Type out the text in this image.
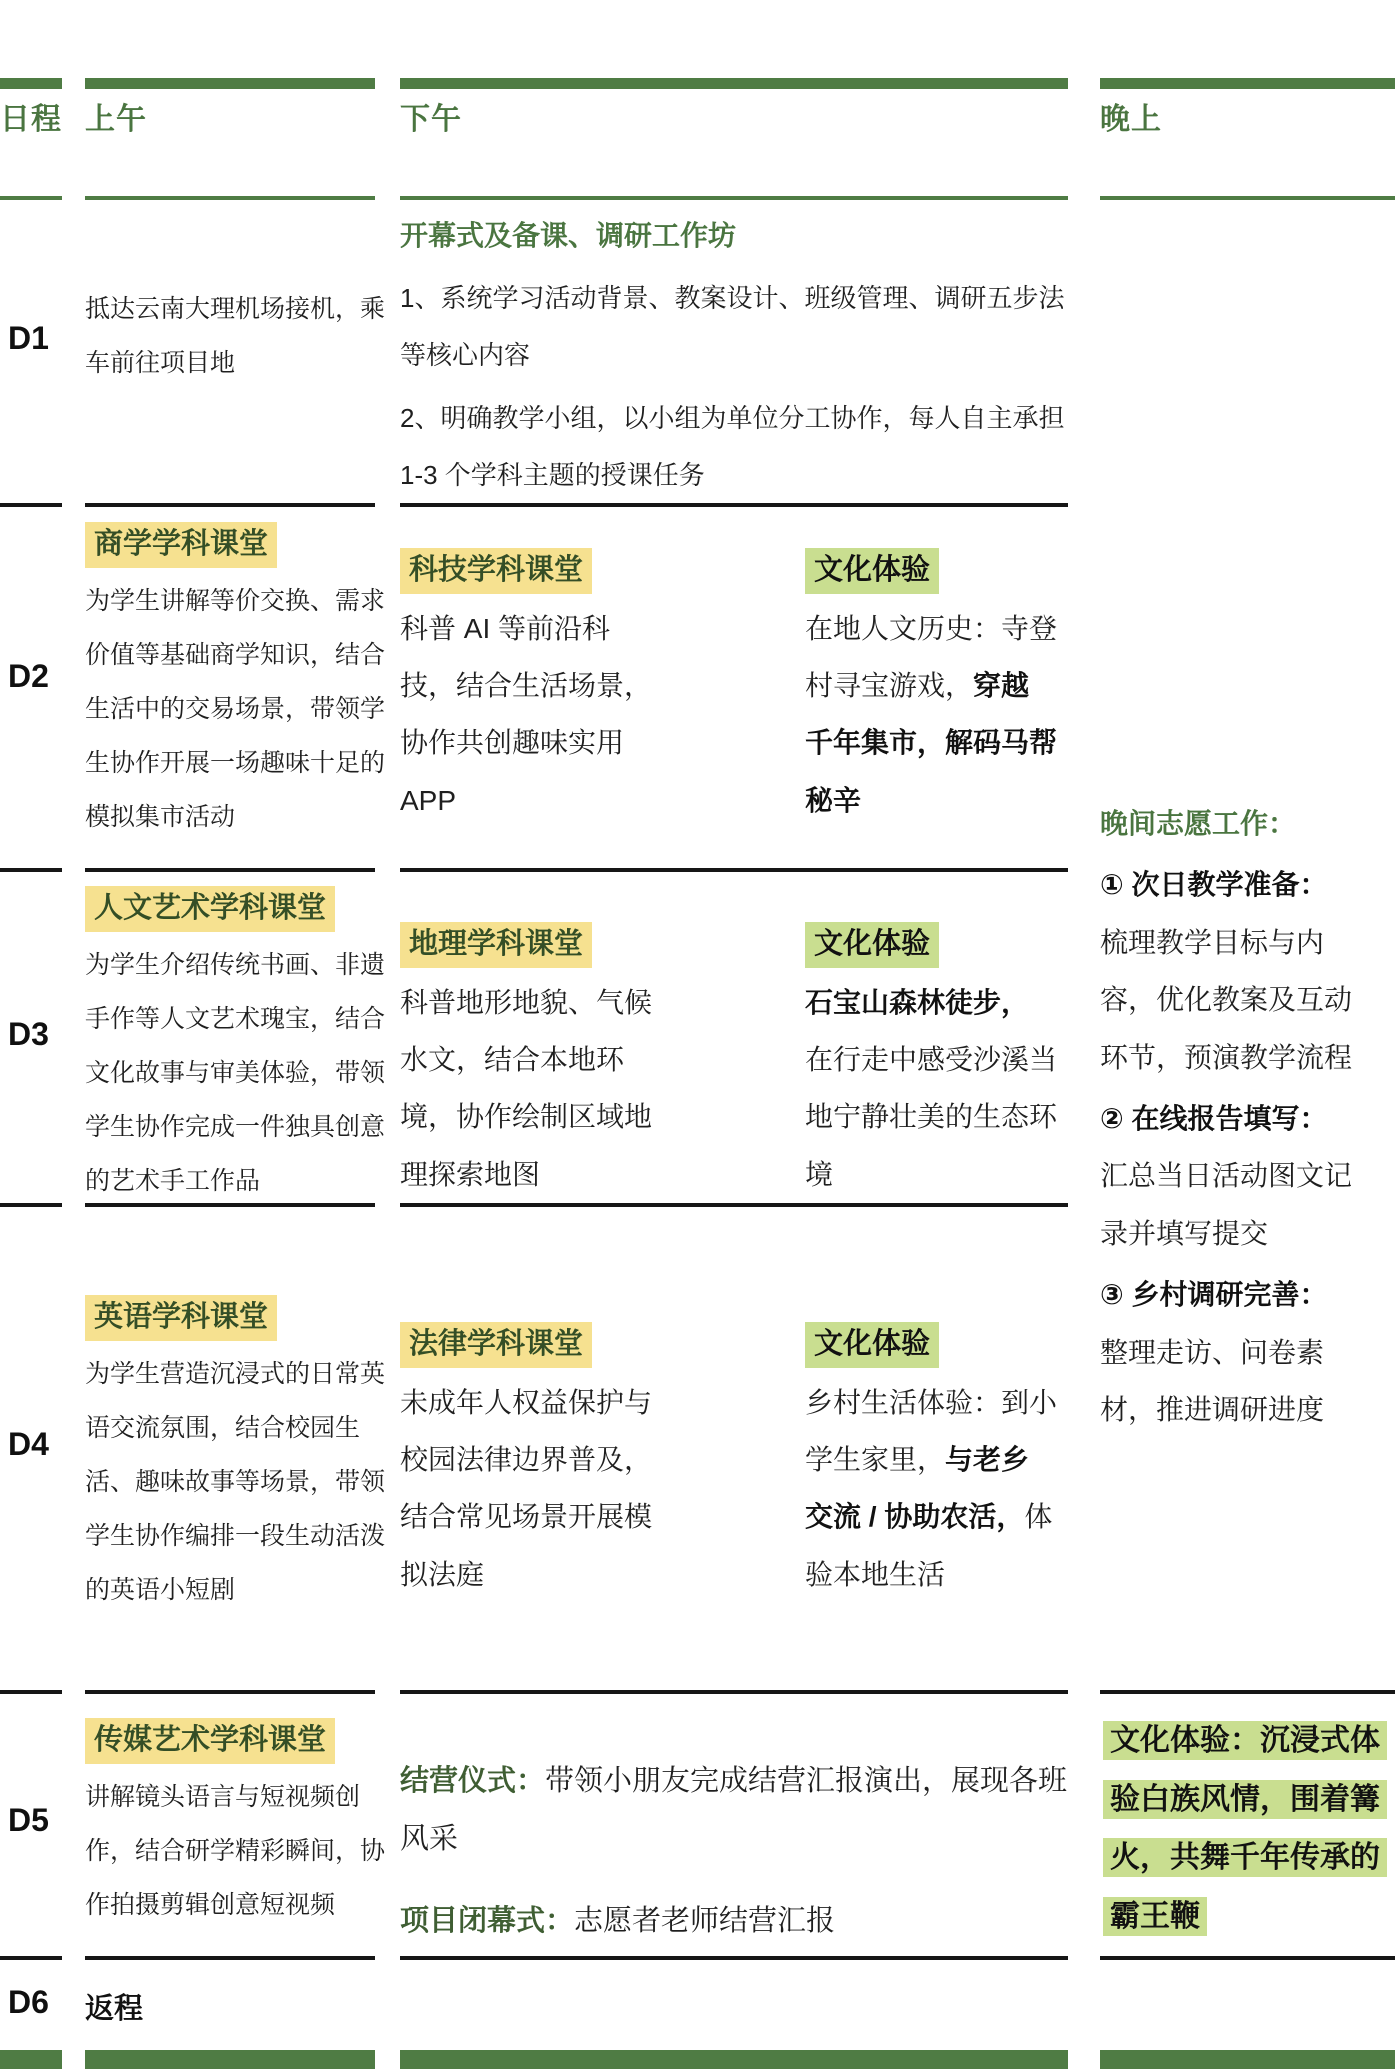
日程 上午	下午	晚上
D1
D2
D3
D4
D5
D6
抵达云南大理机场接机，乘车前往项目地
开幕式及备课、调研工作坊
1、系统学习活动背景、教案设计、班级管理、调研五步法等核心内容
2、明确教学小组，以小组为单位分工协作，每人自主承担 1-3 个学科主题的授课任务
商学学科课堂
为学生讲解等价交换、需求价值等基础商学知识，结合生活中的交易场景，带领学生协作开展一场趣味十足的模拟集市活动
科技学科课堂
科普 AI 等前沿科技，结合生活场景，协作共创趣味实用 APP
文化体验
在地人文历史：寺登村寻宝游戏，穿越千年集市，解码马帮秘辛
晚间志愿工作：
① 次日教学准备：
梳理教学目标与内容，优化教案及互动环节，预演教学流程
② 在线报告填写：
汇总当日活动图文记录并填写提交
③ 乡村调研完善：
整理走访、问卷素材，推进调研进度
人文艺术学科课堂
为学生介绍传统书画、非遗手作等人文艺术瑰宝，结合文化故事与审美体验，带领学生协作完成一件独具创意的艺术手工作品
地理学科课堂
科普地形地貌、气候水文，结合本地环境，协作绘制区域地理探索地图
文化体验
石宝山森林徒步，在行走中感受沙溪当地宁静壮美的生态环境
英语学科课堂
为学生营造沉浸式的日常英语交流氛围，结合校园生活、趣味故事等场景，带领学生协作编排一段生动活泼的英语小短剧
法律学科课堂
未成年人权益保护与校园法律边界普及，结合常见场景开展模拟法庭
文化体验
乡村生活体验：到小学生家里，与老乡交流 / 协助农活，体验本地生活
传媒艺术学科课堂
讲解镜头语言与短视频创作，结合研学精彩瞬间，协作拍摄剪辑创意短视频

结营仪式：带领小朋友完成结营汇报演出，展现各班风采

项目闭幕式：志愿者老师结营汇报

文化体验：沉浸式体验白族风情，围着篝火，共舞千年传承的霸王鞭
返程
